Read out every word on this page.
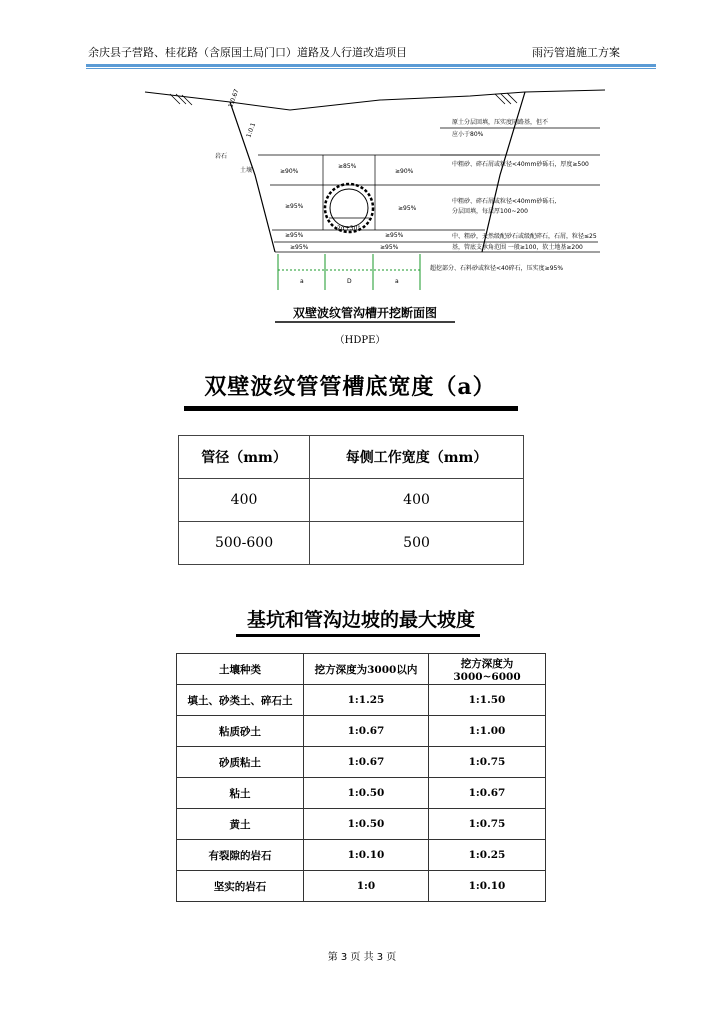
余庆县子营路、桂花路（含原国土局门口）道路及人行道改造项目	雨污管道施工方案
1:0.67
1:0.1
岩石
土壤	≥90%
≥85%
≥90%
≥95%	≥95%
≥95%	≥95%
≥95%	≥95%
2α+30°
a	D	a
原土分层回填，压实度同路基，但不
应小于80%
中粗砂、碎石屑或粒径<40mm砂砾石，厚度≥500
中粗砂、碎石屑或粒径<40mm砂砾石,
分层回填，每层厚100~200
中、粗砂，天然级配砂石或级配碎石，石屑，粒径≤25
基，管底支承角范围 一般≥100，软土地基≥200
超挖部分、石料砂或粒径<40碎石，压实度≥95%
双壁波纹管沟槽开挖断面图
（HDPE）
双壁波纹管管槽底宽度（a）
管径（mm）	每侧工作宽度（mm）
400	400
500-600	500
基坑和管沟边坡的最大坡度
土壤种类	挖方深度为3000以内	挖方深度为3000~6000
填土、砂类土、碎石土	1:1.25	1:1.50
粘质砂土	1:0.67	1:1.00
砂质粘土	1:0.67	1:0.75
粘土	1:0.50	1:0.67
黄土	1:0.50	1:0.75
有裂隙的岩石	1:0.10	1:0.25
坚实的岩石	1:0	1:0.10
第 3 页 共 3 页
